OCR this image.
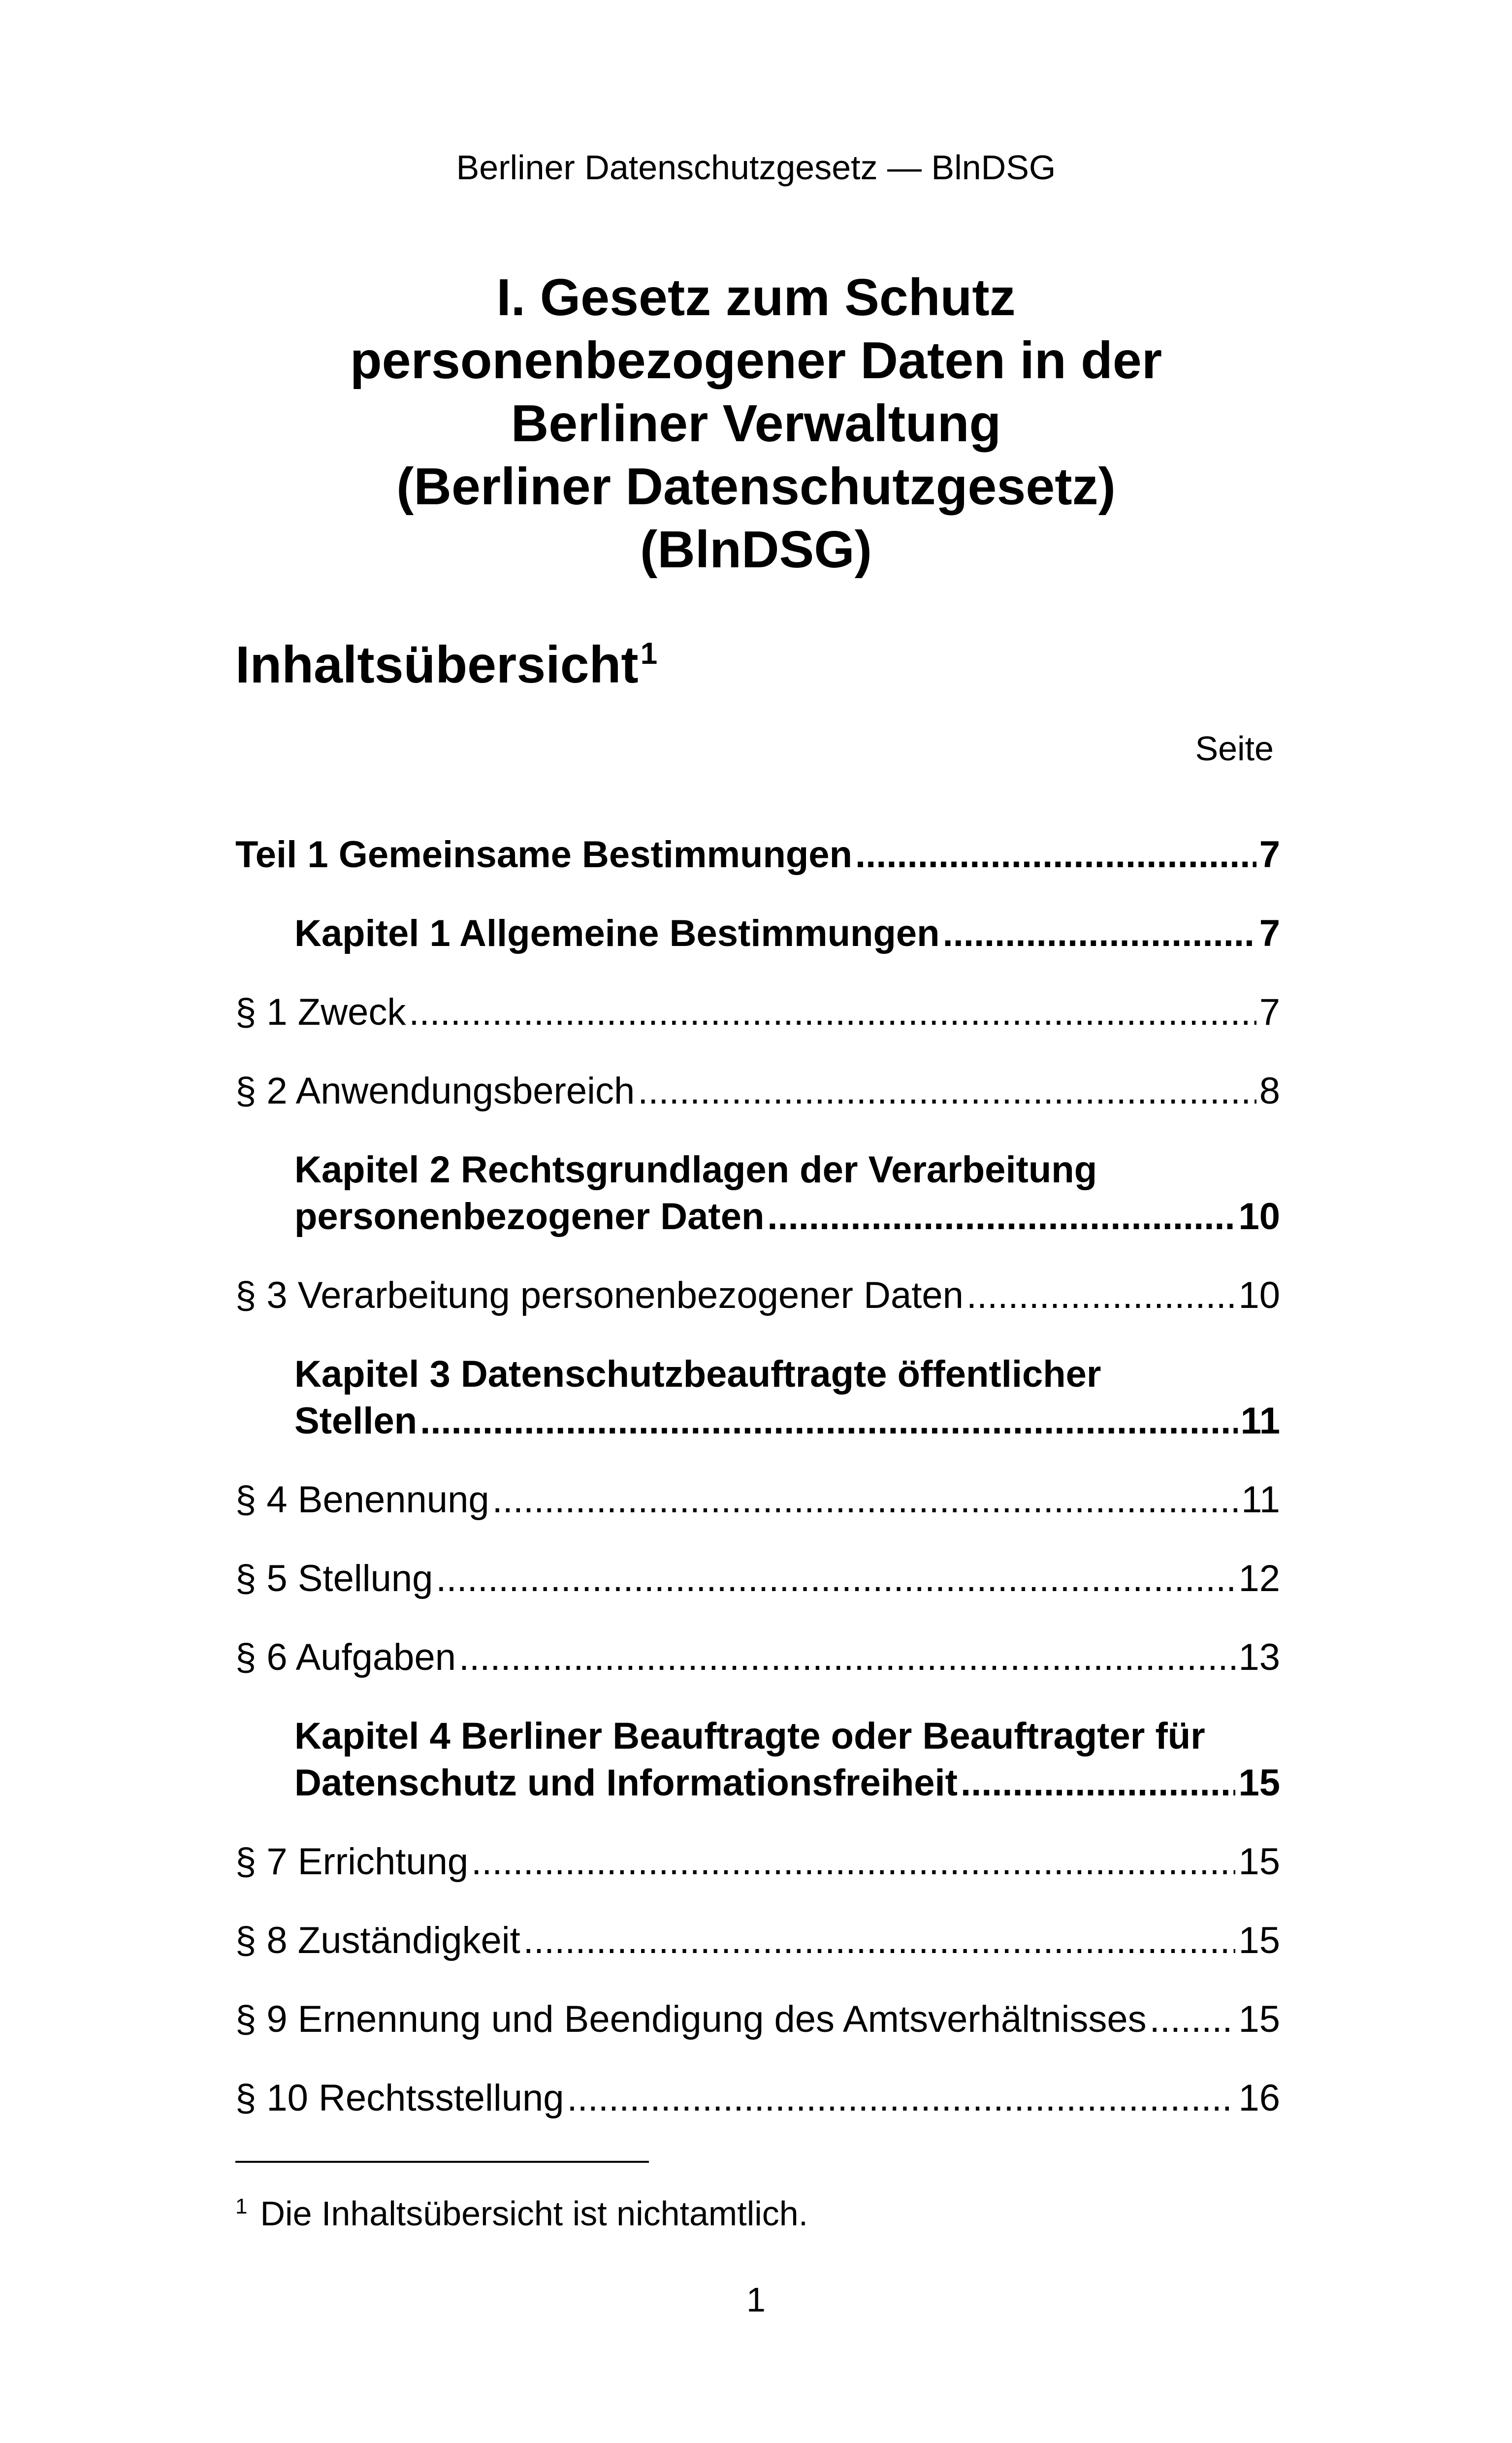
Berliner Datenschutzgesetz — BlnDSG
I. Gesetz zum Schutz
personenbezogener Daten in der
Berliner Verwaltung
(Berliner Datenschutzgesetz)
(BlnDSG)
Inhaltsübersicht$^1$
Seite
Teil 1 Gemeinsame Bestimmungen .....	7
Kapitel 1 Allgemeine Bestimmungen .....	7
§ 1 Zweck .....	7
§ 2 Anwendungsbereich .....	8
Kapitel 2 Rechtsgrundlagen der Verarbeitung
personenbezogener Daten .....	10
§ 3 Verarbeitung personenbezogener Daten .....	10
Kapitel 3 Datenschutzbeauftragte öffentlicher
Stellen .....	11
§ 4 Benennung .....	11
§ 5 Stellung .....	12
§ 6 Aufgaben .....	13
Kapitel 4 Berliner Beauftragte oder Beauftragter für
Datenschutz und Informationsfreiheit .....	15
§ 7 Errichtung .....	15
§ 8 Zuständigkeit .....	15
§ 9 Ernennung und Beendigung des Amtsverhältnisses ..... 15
§ 10 Rechtsstellung .....	16
$^1$ Die Inhaltsübersicht ist nichtamtlich.
1
